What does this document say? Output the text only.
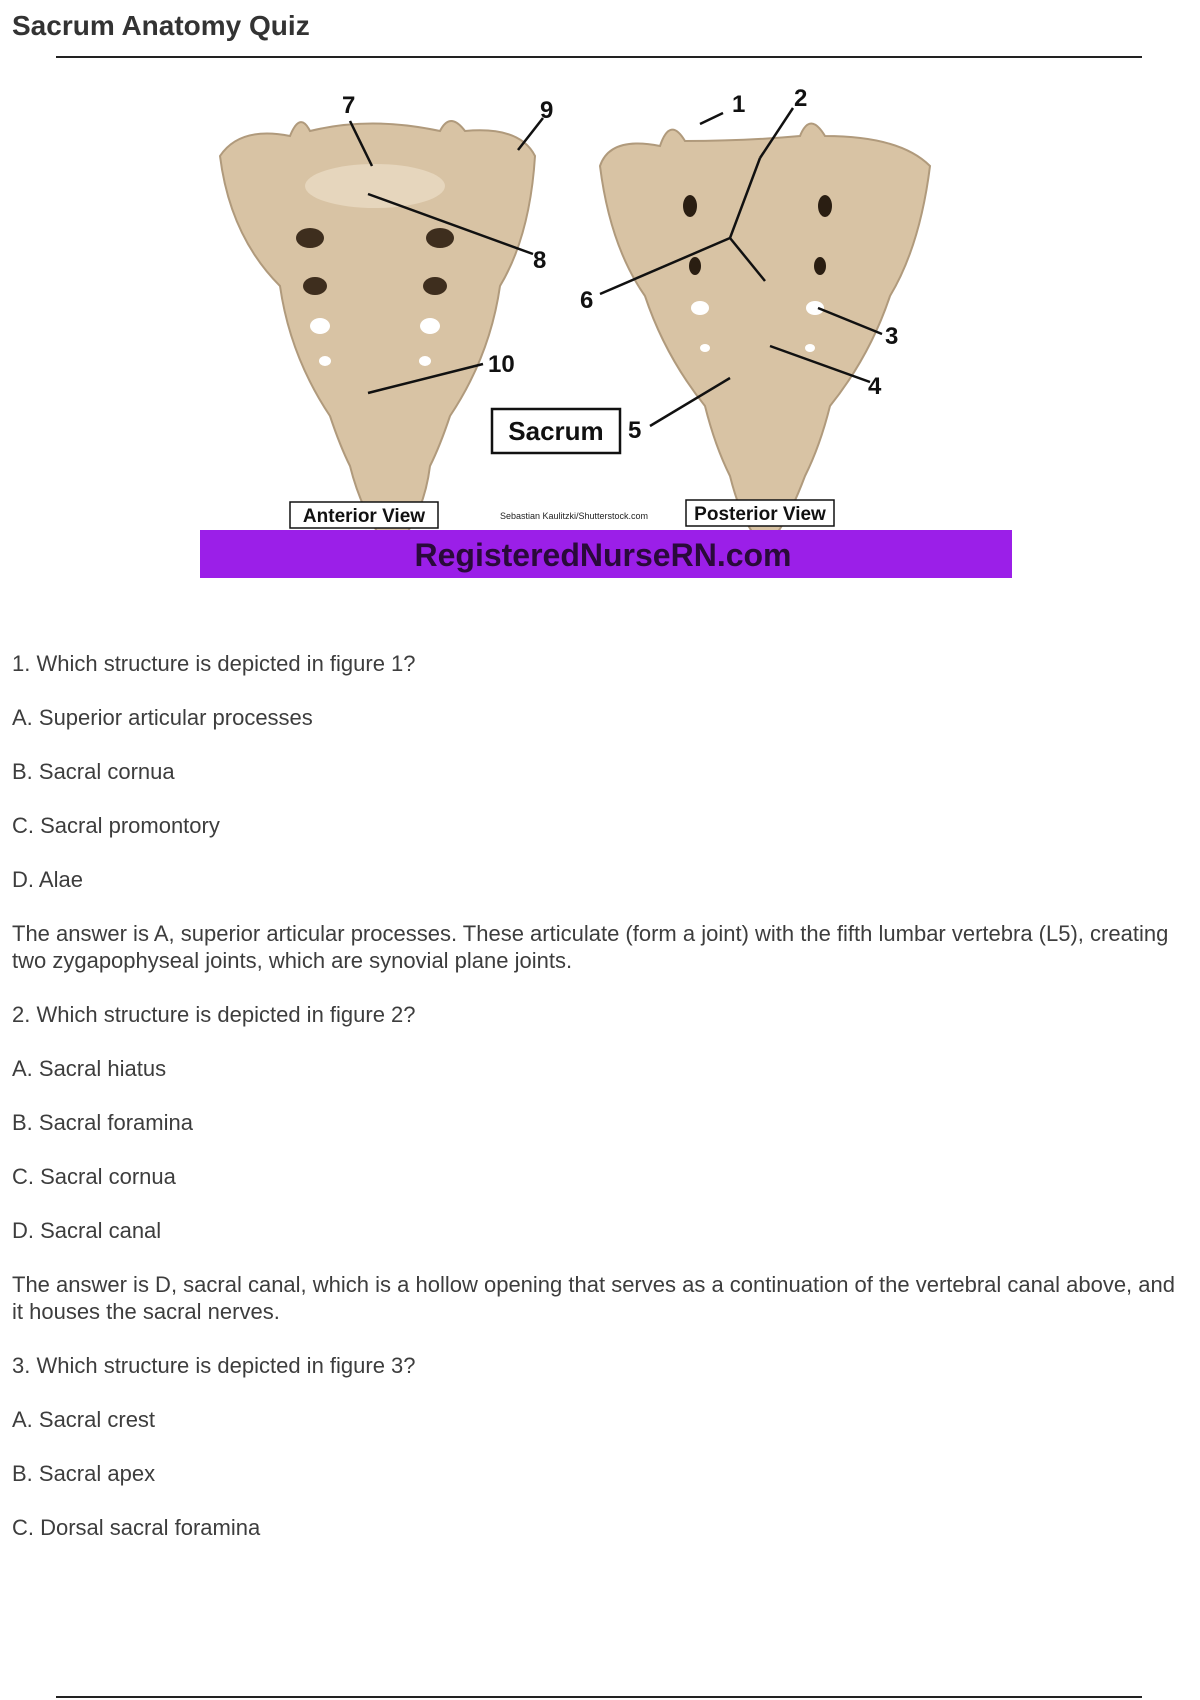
Sacrum Anatomy Quiz
7	9
8
10
1 2
6
3
4
5
Sacrum
Anterior View	Sebastian Kaulitzki/Shutterstock.com Posterior View
RegisteredNurseRN.com

1. Which structure is depicted in figure 1?

A. Superior articular processes

B. Sacral cornua

C. Sacral promontory

D. Alae

The answer is A, superior articular processes. These articulate (form a joint) with the fifth lumbar vertebra (L5), creating two zygapophyseal joints, which are synovial plane joints.

2. Which structure is depicted in figure 2?

A. Sacral hiatus

B. Sacral foramina

C. Sacral cornua

D. Sacral canal

The answer is D, sacral canal, which is a hollow opening that serves as a continuation of the vertebral canal above, and it houses the sacral nerves.

3. Which structure is depicted in figure 3?

A. Sacral crest

B. Sacral apex

C. Dorsal sacral foramina
